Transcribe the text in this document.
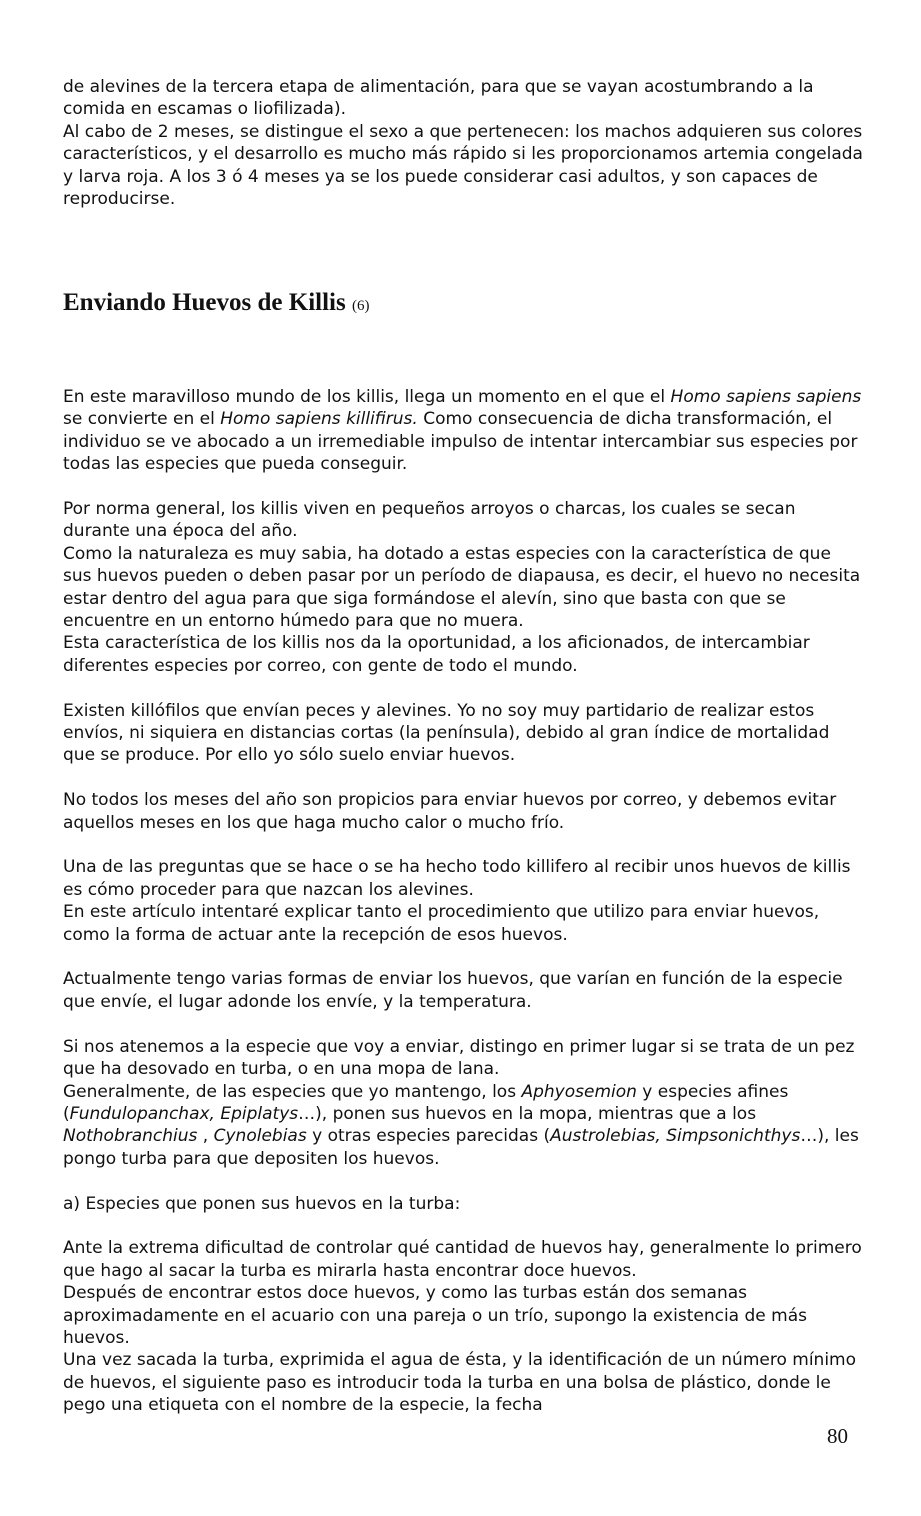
de alevines de la tercera etapa de alimentación, para que se vayan acostumbrando a la comida en escamas o liofilizada).

Al cabo de 2 meses, se distingue el sexo a que pertenecen: los machos adquieren sus colores característicos, y el desarrollo es mucho más rápido si les proporcionamos artemia congelada y larva roja. A los 3 ó 4 meses ya se los puede considerar casi adultos, y son capaces de reproducirse.

Enviando Huevos de Killis (6)

En este maravilloso mundo de los killis, llega un momento en el que el Homo sapiens sapiens se convierte en el Homo sapiens killifirus. Como consecuencia de dicha transformación, el individuo se ve abocado a un irremediable impulso de intentar intercambiar sus especies por todas las especies que pueda conseguir.

Por norma general, los killis viven en pequeños arroyos o charcas, los cuales se secan durante una época del año.

Como la naturaleza es muy sabia, ha dotado a estas especies con la característica de que sus huevos pueden o deben pasar por un período de diapausa, es decir, el huevo no necesita estar dentro del agua para que siga formándose el alevín, sino que basta con que se encuentre en un entorno húmedo para que no muera.

Esta característica de los killis nos da la oportunidad, a los aficionados, de intercambiar diferentes especies por correo, con gente de todo el mundo.

Existen killófilos que envían peces y alevines. Yo no soy muy partidario de realizar estos envíos, ni siquiera en distancias cortas (la península), debido al gran índice de mortalidad que se produce. Por ello yo sólo suelo enviar huevos.

No todos los meses del año son propicios para enviar huevos por correo, y debemos evitar aquellos meses en los que haga mucho calor o mucho frío.

Una de las preguntas que se hace o se ha hecho todo killifero al recibir unos huevos de killis es cómo proceder para que nazcan los alevines.

En este artículo intentaré explicar tanto el procedimiento que utilizo para enviar huevos, como la forma de actuar ante la recepción de esos huevos.

Actualmente tengo varias formas de enviar los huevos, que varían en función de la especie que envíe, el lugar adonde los envíe, y la temperatura.

Si nos atenemos a la especie que voy a enviar, distingo en primer lugar si se trata de un pez que ha desovado en turba, o en una mopa de lana.

Generalmente, de las especies que yo mantengo, los Aphyosemion y especies afines (Fundulopanchax, Epiplatys…), ponen sus huevos en la mopa, mientras que a los Nothobranchius , Cynolebias y otras especies parecidas (Austrolebias, Simpsonichthys…), les pongo turba para que depositen los huevos.

a) Especies que ponen sus huevos en la turba:

Ante la extrema dificultad de controlar qué cantidad de huevos hay, generalmente lo primero que hago al sacar la turba es mirarla hasta encontrar doce huevos.

Después de encontrar estos doce huevos, y como las turbas están dos semanas aproximadamente en el acuario con una pareja o un trío, supongo la existencia de más huevos.

Una vez sacada la turba, exprimida el agua de ésta, y la identificación de un número mínimo de huevos, el siguiente paso es introducir toda la turba en una bolsa de plástico, donde le pego una etiqueta con el nombre de la especie, la fecha

80
